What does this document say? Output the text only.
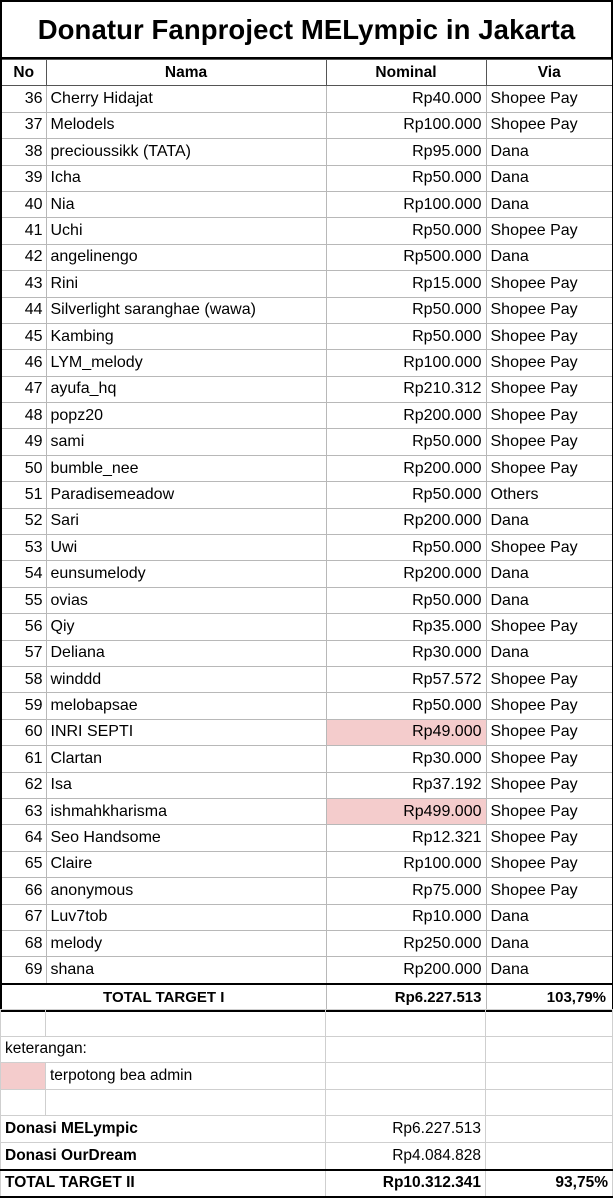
Donatur Fanproject MELympic in Jakarta
No	Nama	Nominal	Via
36	Cherry Hidajat	Rp40.000	Shopee Pay
37	Melodels	Rp100.000	Shopee Pay
38	precioussikk (TATA)	Rp95.000	Dana
39	Icha	Rp50.000	Dana
40	Nia	Rp100.000	Dana
41	Uchi	Rp50.000	Shopee Pay
42	angelinengo	Rp500.000	Dana
43	Rini	Rp15.000	Shopee Pay
44	Silverlight saranghae (wawa)	Rp50.000	Shopee Pay
45	Kambing	Rp50.000	Shopee Pay
46	LYM_melody	Rp100.000	Shopee Pay
47	ayufa_hq	Rp210.312	Shopee Pay
48	popz20	Rp200.000	Shopee Pay
49	sami	Rp50.000	Shopee Pay
50	bumble_nee	Rp200.000	Shopee Pay
51	Paradisemeadow	Rp50.000	Others
52	Sari	Rp200.000	Dana
53	Uwi	Rp50.000	Shopee Pay
54	eunsumelody	Rp200.000	Dana
55	ovias	Rp50.000	Dana
56	Qiy	Rp35.000	Shopee Pay
57	Deliana	Rp30.000	Dana
58	winddd	Rp57.572	Shopee Pay
59	melobapsae	Rp50.000	Shopee Pay
60	INRI SEPTI	Rp49.000	Shopee Pay
61	Clartan	Rp30.000	Shopee Pay
62	Isa	Rp37.192	Shopee Pay
63	ishmahkharisma	Rp499.000	Shopee Pay
64	Seo Handsome	Rp12.321	Shopee Pay
65	Claire	Rp100.000	Shopee Pay
66	anonymous	Rp75.000	Shopee Pay
67	Luv7tob	Rp10.000	Dana
68	melody	Rp250.000	Dana
69	shana	Rp200.000	Dana
TOTAL TARGET I		Rp6.227.513	103,79%

keterangan:			
	terpotong bea admin		

Donasi MELympic		Rp6.227.513	
Donasi OurDream		Rp4.084.828	
TOTAL TARGET II		Rp10.312.341	93,75%
